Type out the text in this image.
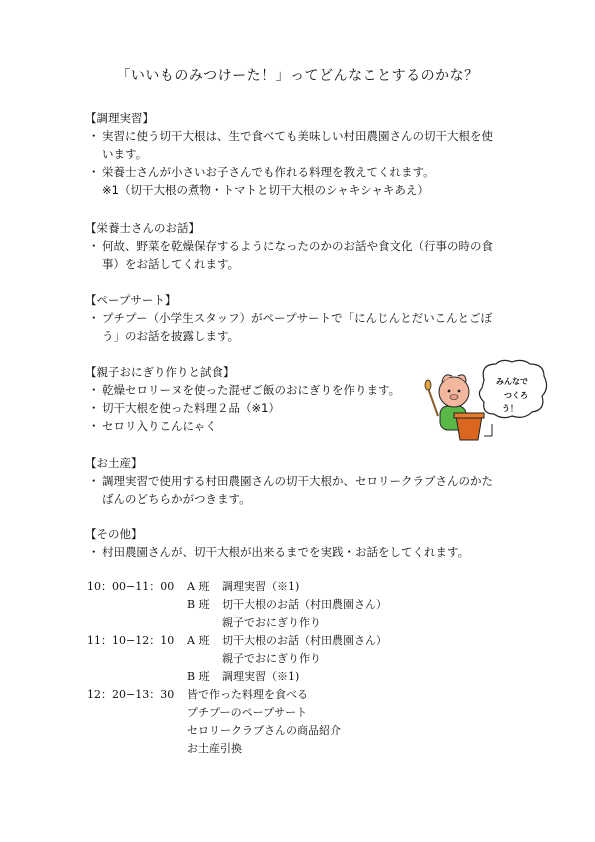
「いいものみつけーた！」ってどんなことするのかな？

【調理実習】

・ 実習に使う切干大根は、生で食べても美味しい村田農園さんの切干大根を使
います。

・ 栄養士さんが小さいお子さんでも作れる料理を教えてくれます。

※1（切干大根の煮物・トマトと切干大根のシャキシャキあえ）

【栄養士さんのお話】

・ 何故、野菜を乾燥保存するようになったのかのお話や食文化（行事の時の食
事）をお話してくれます。

【ペープサート】

・ プチプー（小学生スタッフ）がペープサートで「にんじんとだいこんとごぼ
う」のお話を披露します。

【親子おにぎり作りと試食】

・ 乾燥セロリーヌを使った混ぜご飯のおにぎりを作ります。

・ 切干大根を使った料理２品（※1）

・ セロリ入りこんにゃく

【お土産】

・ 調理実習で使用する村田農園さんの切干大根か、セロリークラブさんのかた
ばんのどちらかがつきます。

【その他】

・ 村田農園さんが、切干大根が出来るまでを実践・お話をしてくれます。

10：00−11：00 A 班 調理実習（※1)
B 班 切干大根のお話（村田農園さん）
親子でおにぎり作り
11：10−12：10 A 班 切干大根のお話（村田農園さん）
親子でおにぎり作り
B 班 調理実習（※1)
12：20−13：30 皆で作った料理を食べる
プチプーのペープサート
セロリークラブさんの商品紹介
お土産引換
みんなで
つくろ
う！
